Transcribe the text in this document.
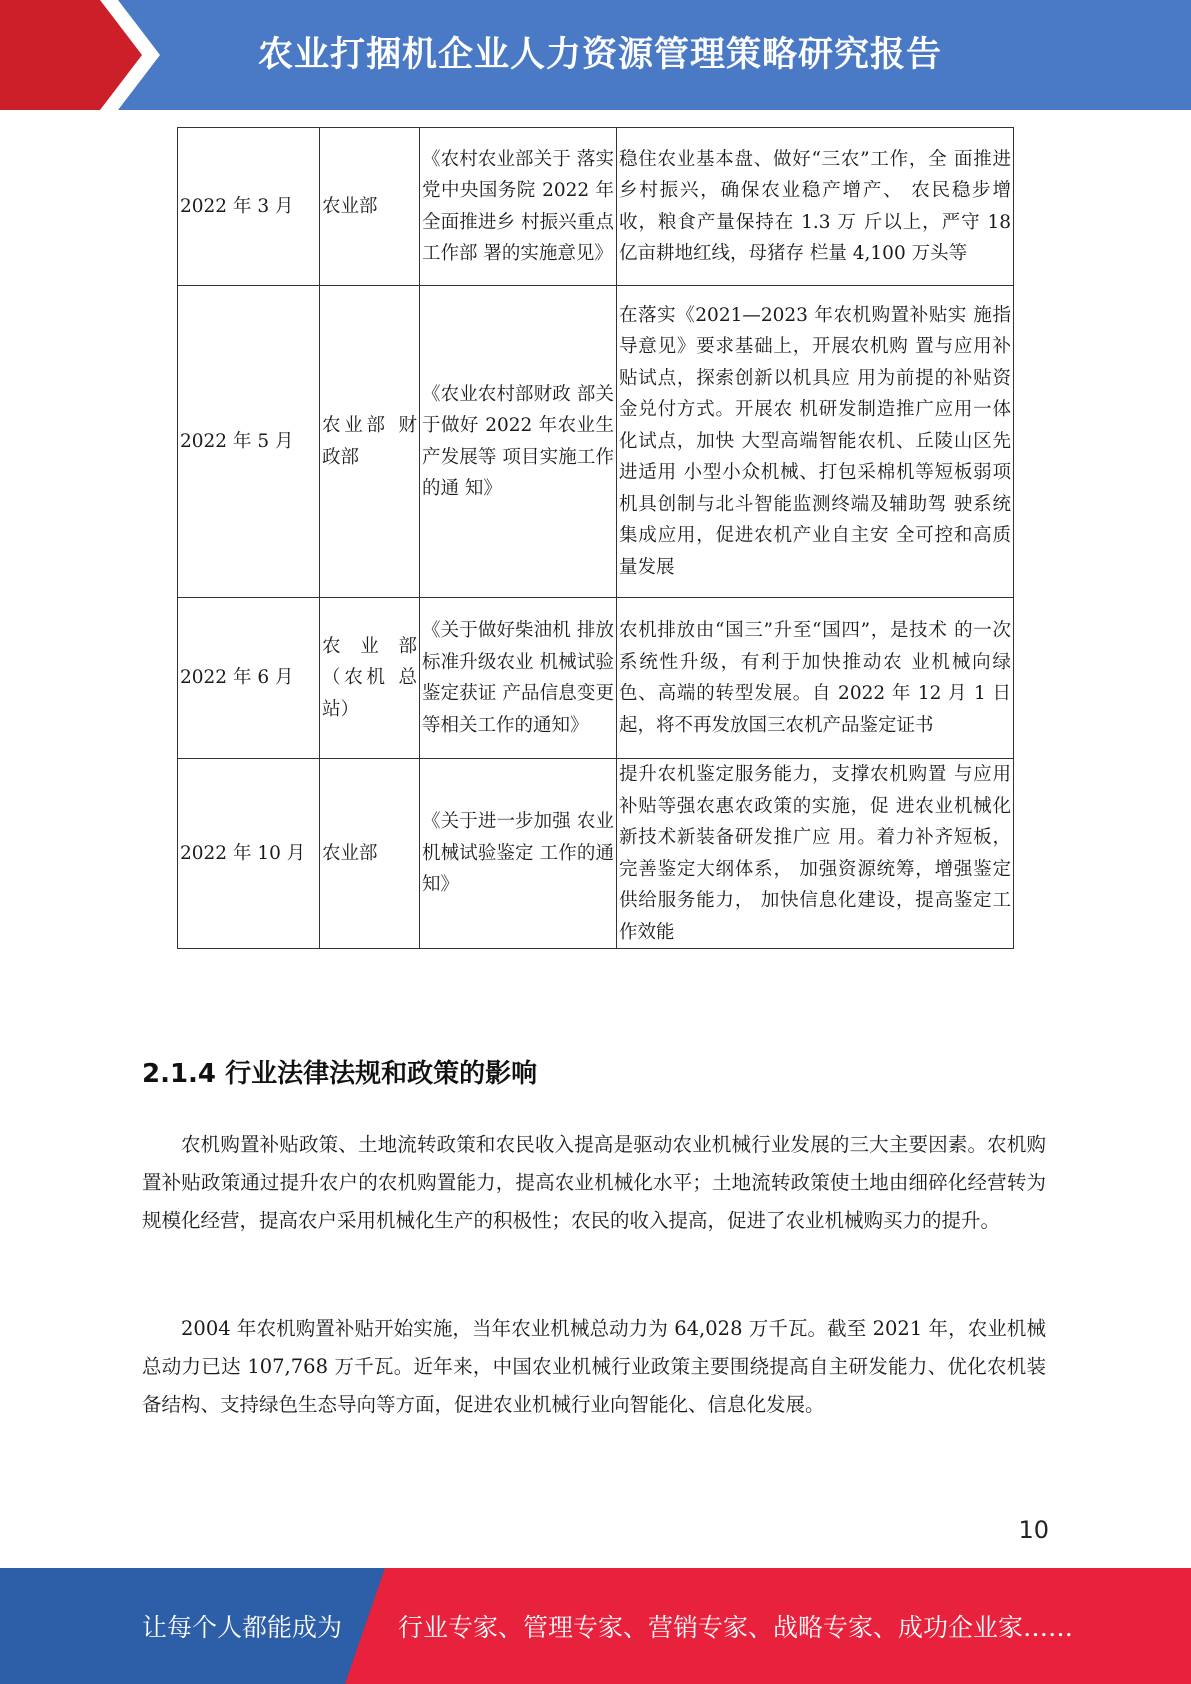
农业打捆机企业人力资源管理策略研究报告
2022 年 3 月	农业部	《农村农业部关于 落实党中央国务院 2022 年全面推进乡 村振兴重点工作部 署的实施意见》	稳住农业基本盘、做好“三农”工作，全 面推进乡村振兴，确保农业稳产增产、 农民稳步增收，粮食产量保持在 1.3 万 斤以上，严守 18 亿亩耕地红线，母猪存 栏量 4,100 万头等
2022 年 5 月	农业部 财政部	《农业农村部财政 部关于做好 2022 年农业生产发展等 项目实施工作的通 知》	在落实《2021—2023 年农机购置补贴实 施指导意见》要求基础上，开展农机购 置与应用补贴试点，探索创新以机具应 用为前提的补贴资金兑付方式。开展农 机研发制造推广应用一体化试点，加快 大型高端智能农机、丘陵山区先进适用 小型小众机械、打包采棉机等短板弱项 机具创制与北斗智能监测终端及辅助驾 驶系统集成应用，促进农机产业自主安 全可控和高质量发展
2022 年 6 月	农业部 （农机 总站）	《关于做好柴油机 排放标准升级农业 机械试验鉴定获证 产品信息变更等相关工作的通知》	农机排放由“国三”升至“国四”，是技术 的一次系统性升级，有利于加快推动农 业机械向绿色、高端的转型发展。自 2022 年 12 月 1 日起，将不再发放国三农机产品鉴定证书
2022 年 10 月	农业部	《关于进一步加强 农业机械试验鉴定 工作的通知》	提升农机鉴定服务能力，支撑农机购置 与应用补贴等强农惠农政策的实施，促 进农业机械化新技术新装备研发推广应 用。着力补齐短板，完善鉴定大纲体系， 加强资源统筹，增强鉴定供给服务能力， 加快信息化建设，提高鉴定工作效能
2.1.4 行业法律法规和政策的影响

农机购置补贴政策、土地流转政策和农民收入提高是驱动农业机械行业发展的三大主要因素。农机购置补贴政策通过提升农户的农机购置能力，提高农业机械化水平；土地流转政策使土地由细碎化经营转为规模化经营，提高农户采用机械化生产的积极性；农民的收入提高，促进了农业机械购买力的提升。

2004 年农机购置补贴开始实施，当年农业机械总动力为 64,028 万千瓦。截至 2021 年，农业机械总动力已达 107,768 万千瓦。近年来，中国农业机械行业政策主要围绕提高自主研发能力、优化农机装备结构、支持绿色生态导向等方面，促进农业机械行业向智能化、信息化发展。

10
让每个人都能成为 行业专家、管理专家、营销专家、战略专家、成功企业家……
